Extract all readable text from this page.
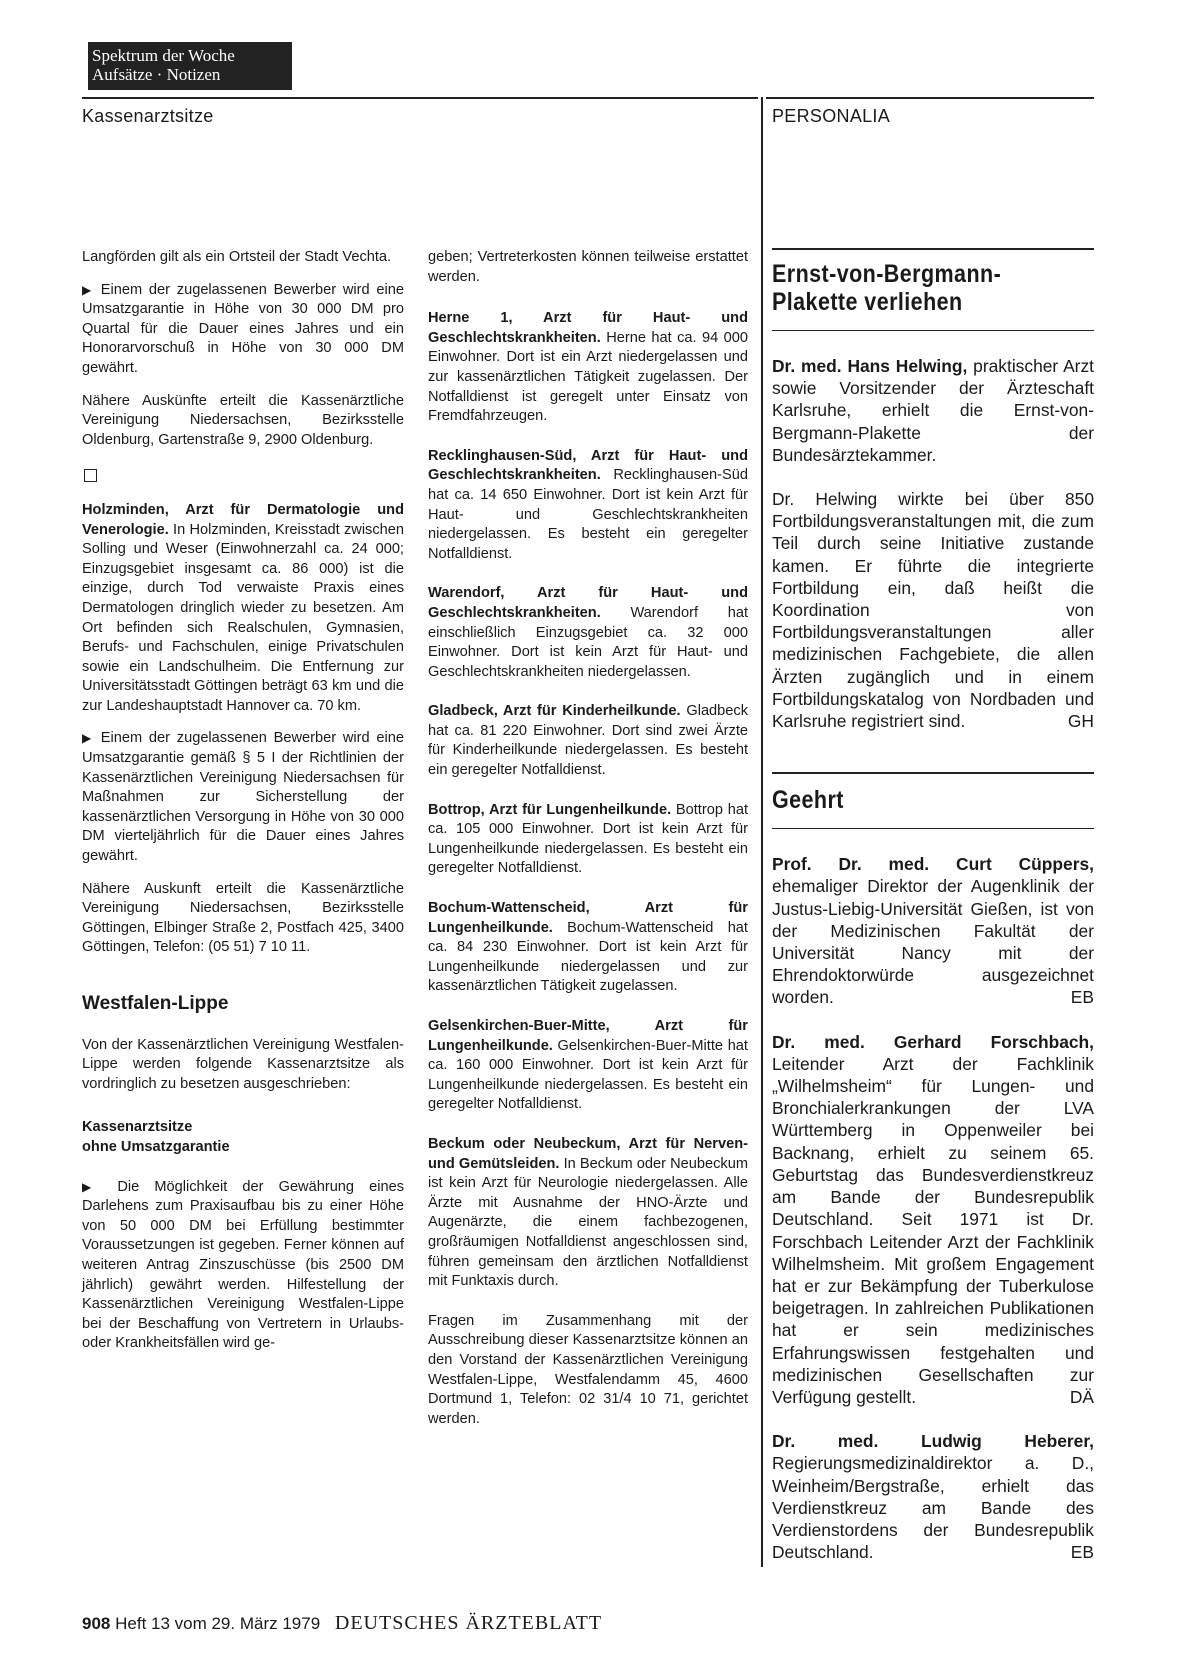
Spektrum der Woche
Aufsätze · Notizen
Kassenarztsitze	PERSONALIA

Langförden gilt als ein Ortsteil der Stadt Vechta.

▶ Einem der zugelassenen Bewerber wird eine Umsatzgarantie in Höhe von 30 000 DM pro Quartal für die Dauer eines Jahres und ein Honorarvorschuß in Höhe von 30 000 DM gewährt.

Nähere Auskünfte erteilt die Kassenärztliche Vereinigung Niedersachsen, Bezirksstelle Oldenburg, Gartenstraße 9, 2900 Oldenburg.

Holzminden, Arzt für Dermatologie und Venerologie. In Holzminden, Kreisstadt zwischen Solling und Weser (Einwohnerzahl ca. 24 000; Einzugsgebiet insgesamt ca. 86 000) ist die einzige, durch Tod verwaiste Praxis eines Dermatologen dringlich wieder zu besetzen. Am Ort befinden sich Realschulen, Gymnasien, Berufs- und Fachschulen, einige Privatschulen sowie ein Landschulheim. Die Entfernung zur Universitätsstadt Göttingen beträgt 63 km und die zur Landeshauptstadt Hannover ca. 70 km.

▶ Einem der zugelassenen Bewerber wird eine Umsatzgarantie gemäß § 5 I der Richtlinien der Kassenärztlichen Vereinigung Niedersachsen für Maßnahmen zur Sicherstellung der kassenärztlichen Versorgung in Höhe von 30 000 DM vierteljährlich für die Dauer eines Jahres gewährt.

Nähere Auskunft erteilt die Kassenärztliche Vereinigung Niedersachsen, Bezirksstelle Göttingen, Elbinger Straße 2, Postfach 425, 3400 Göttingen, Telefon: (05 51) 7 10 11.

Westfalen-Lippe

Von der Kassenärztlichen Vereinigung Westfalen-Lippe werden folgende Kassenarztsitze als vordringlich zu besetzen ausgeschrieben:

Kassenarztsitze
ohne Umsatzgarantie

▶ Die Möglichkeit der Gewährung eines Darlehens zum Praxisaufbau bis zu einer Höhe von 50 000 DM bei Erfüllung bestimmter Voraussetzungen ist gegeben. Ferner können auf weiteren Antrag Zinszuschüsse (bis 2500 DM jährlich) gewährt werden. Hilfestellung der Kassenärztlichen Vereinigung Westfalen-Lippe bei der Beschaffung von Vertretern in Urlaubs- oder Krankheitsfällen wird ge-

geben; Vertreterkosten können teilweise erstattet werden.

Herne 1, Arzt für Haut- und Geschlechtskrankheiten. Herne hat ca. 94 000 Einwohner. Dort ist ein Arzt niedergelassen und zur kassenärztlichen Tätigkeit zugelassen. Der Notfalldienst ist geregelt unter Einsatz von Fremdfahrzeugen.

Recklinghausen-Süd, Arzt für Haut- und Geschlechtskrankheiten. Recklinghausen-Süd hat ca. 14 650 Einwohner. Dort ist kein Arzt für Haut- und Geschlechtskrankheiten niedergelassen. Es besteht ein geregelter Notfalldienst.

Warendorf, Arzt für Haut- und Geschlechtskrankheiten. Warendorf hat einschließlich Einzugsgebiet ca. 32 000 Einwohner. Dort ist kein Arzt für Haut- und Geschlechtskrankheiten niedergelassen.

Gladbeck, Arzt für Kinderheilkunde. Gladbeck hat ca. 81 220 Einwohner. Dort sind zwei Ärzte für Kinderheilkunde niedergelassen. Es besteht ein geregelter Notfalldienst.

Bottrop, Arzt für Lungenheilkunde. Bottrop hat ca. 105 000 Einwohner. Dort ist kein Arzt für Lungenheilkunde niedergelassen. Es besteht ein geregelter Notfalldienst.

Bochum-Wattenscheid, Arzt für Lungenheilkunde. Bochum-Wattenscheid hat ca. 84 230 Einwohner. Dort ist kein Arzt für Lungenheilkunde niedergelassen und zur kassenärztlichen Tätigkeit zugelassen.

Gelsenkirchen-Buer-Mitte, Arzt für Lungenheilkunde. Gelsenkirchen-Buer-Mitte hat ca. 160 000 Einwohner. Dort ist kein Arzt für Lungenheilkunde niedergelassen. Es besteht ein geregelter Notfalldienst.

Beckum oder Neubeckum, Arzt für Nerven- und Gemütsleiden. In Beckum oder Neubeckum ist kein Arzt für Neurologie niedergelassen. Alle Ärzte mit Ausnahme der HNO-Ärzte und Augenärzte, die einem fachbezogenen, großräumigen Notfalldienst angeschlossen sind, führen gemeinsam den ärztlichen Notfalldienst mit Funktaxis durch.

Fragen im Zusammenhang mit der Ausschreibung dieser Kassenarztsitze können an den Vorstand der Kassenärztlichen Vereinigung Westfalen-Lippe, Westfalendamm 45, 4600 Dortmund 1, Telefon: 02 31/4 10 71, gerichtet werden.

Ernst-von-Bergmann-
Plakette verliehen

Dr. med. Hans Helwing, praktischer Arzt sowie Vorsitzender der Ärzteschaft Karlsruhe, erhielt die Ernst-von-Bergmann-Plakette der Bundesärztekammer.

Dr. Helwing wirkte bei über 850 Fortbildungsveranstaltungen mit, die zum Teil durch seine Initiative zustande kamen. Er führte die integrierte Fortbildung ein, daß heißt die Koordination von Fortbildungsveranstaltungen aller medizinischen Fachgebiete, die allen Ärzten zugänglich und in einem Fortbildungskatalog von Nordbaden und Karlsruhe registriert sind.	GH

Geehrt

Prof. Dr. med. Curt Cüppers, ehemaliger Direktor der Augenklinik der Justus-Liebig-Universität Gießen, ist von der Medizinischen Fakultät der Universität Nancy mit der Ehrendoktorwürde ausgezeichnet worden.	EB

Dr. med. Gerhard Forschbach, Leitender Arzt der Fachklinik „Wilhelmsheim“ für Lungen- und Bronchialerkrankungen der LVA Württemberg in Oppenweiler bei Backnang, erhielt zu seinem 65. Geburtstag das Bundesverdienstkreuz am Bande der Bundesrepublik Deutschland. Seit 1971 ist Dr. Forschbach Leitender Arzt der Fachklinik Wilhelmsheim. Mit großem Engagement hat er zur Bekämpfung der Tuberkulose beigetragen. In zahlreichen Publikationen hat er sein medizinisches Erfahrungswissen festgehalten und medizinischen Gesellschaften zur Verfügung gestellt.	DÄ

Dr. med. Ludwig Heberer, Regierungsmedizinaldirektor a. D., Weinheim/Bergstraße, erhielt das Verdienstkreuz am Bande des Verdienstordens der Bundesrepublik Deutschland.	EB

908 Heft 13 vom 29. März 1979 DEUTSCHES ÄRZTEBLATT
